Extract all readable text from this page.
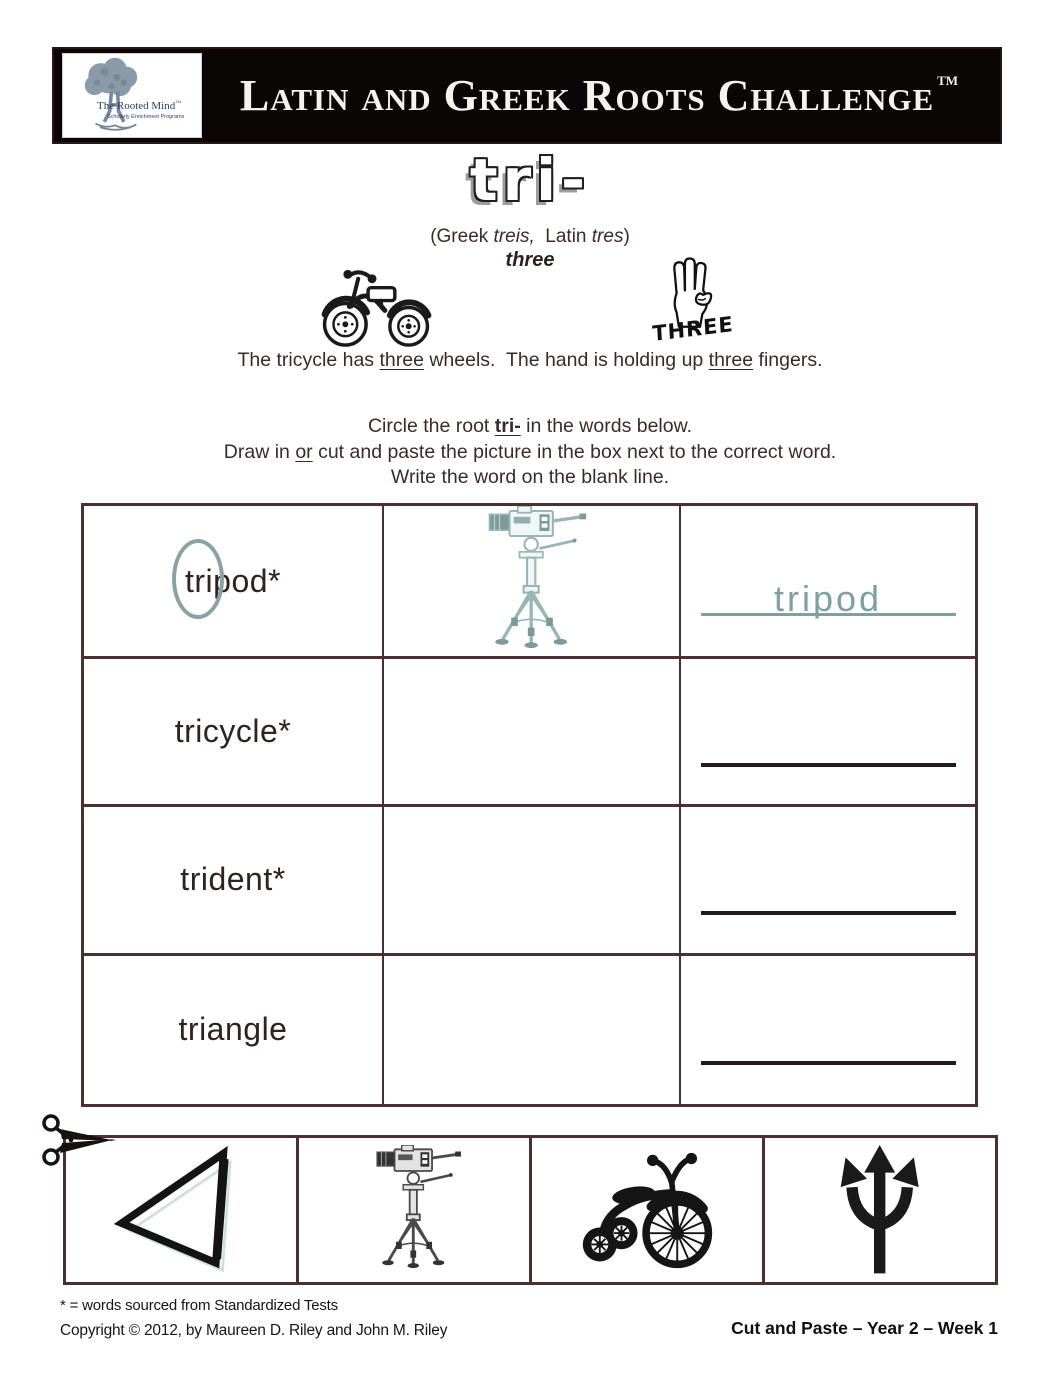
The Rooted Mind™
Scholarly Enrichment Programs	Latin and Greek Roots Challenge™
tri-
(Greek treis,  Latin tres)
three
THREE
The tricycle has three wheels.  The hand is holding up three fingers.
Circle the root tri- in the words below.
Draw in or cut and paste the picture in the box next to the correct word.
Write the word on the blank line.
tripod*	tripod
tricycle*
trident*
triangle
* = words sourced from Standardized Tests
Copyright © 2012, by Maureen D. Riley and John M. Riley	Cut and Paste – Year 2 – Week 1
